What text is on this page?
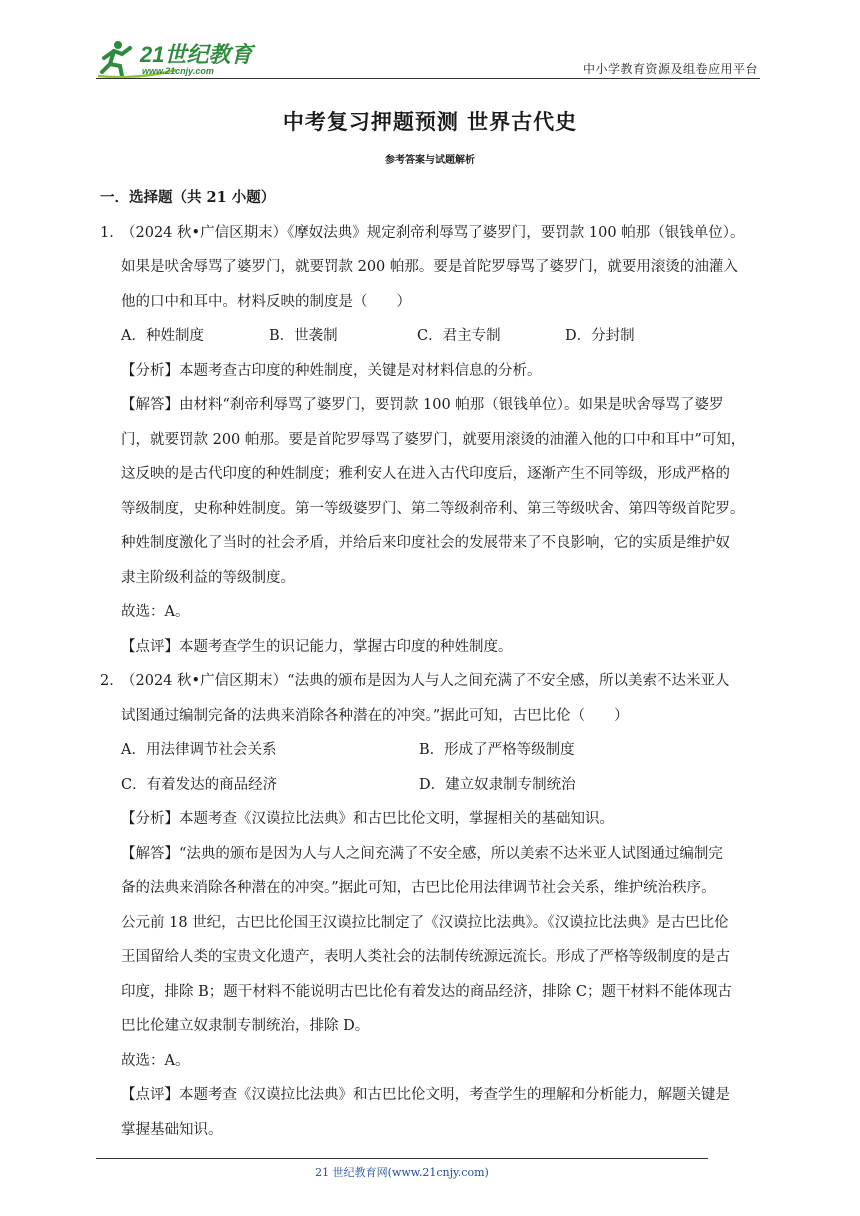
21世纪教育
www.21cnjy.com	中小学教育资源及组卷应用平台
中考复习押题预测 世界古代史
参考答案与试题解析
一．选择题（共 21 小题）
1．
（2024 秋•广信区期末）《摩奴法典》规定刹帝利辱骂了婆罗门，要罚款 100 帕那（银钱单位）。
如果是吠舍辱骂了婆罗门，就要罚款 200 帕那。要是首陀罗辱骂了婆罗门，就要用滚烫的油灌入
他的口中和耳中。材料反映的制度是（　　）
A．种姓制度	B．世袭制	C．君主专制	D．分封制
【分析】本题考查古印度的种姓制度，关键是对材料信息的分析。
【解答】由材料“刹帝利辱骂了婆罗门，要罚款 100 帕那（银钱单位）。如果是吠舍辱骂了婆罗
门，就要罚款 200 帕那。要是首陀罗辱骂了婆罗门，就要用滚烫的油灌入他的口中和耳中”可知，
这反映的是古代印度的种姓制度；雅利安人在进入古代印度后，逐渐产生不同等级，形成严格的
等级制度，史称种姓制度。第一等级婆罗门、第二等级刹帝利、第三等级吠舍、第四等级首陀罗。
种姓制度激化了当时的社会矛盾，并给后来印度社会的发展带来了不良影响，它的实质是维护奴
隶主阶级利益的等级制度。
故选：A。
【点评】本题考查学生的识记能力，掌握古印度的种姓制度。
2．
（2024 秋•广信区期末）“法典的颁布是因为人与人之间充满了不安全感，所以美索不达米亚人
试图通过编制完备的法典来消除各种潜在的冲突。”据此可知，古巴比伦（　　）
A．用法律调节社会关系	B．形成了严格等级制度
C．有着发达的商品经济	D．建立奴隶制专制统治
【分析】本题考查《汉谟拉比法典》和古巴比伦文明，掌握相关的基础知识。
【解答】“法典的颁布是因为人与人之间充满了不安全感，所以美索不达米亚人试图通过编制完
备的法典来消除各种潜在的冲突。”据此可知，古巴比伦用法律调节社会关系，维护统治秩序。
公元前 18 世纪，古巴比伦国王汉谟拉比制定了《汉谟拉比法典》。《汉谟拉比法典》是古巴比伦
王国留给人类的宝贵文化遗产，表明人类社会的法制传统源远流长。形成了严格等级制度的是古
印度，排除 B；题干材料不能说明古巴比伦有着发达的商品经济，排除 C；题干材料不能体现古
巴比伦建立奴隶制专制统治，排除 D。
故选：A。
【点评】本题考查《汉谟拉比法典》和古巴比伦文明，考查学生的理解和分析能力，解题关键是
掌握基础知识。
21 世纪教育网(www.21cnjy.com)
